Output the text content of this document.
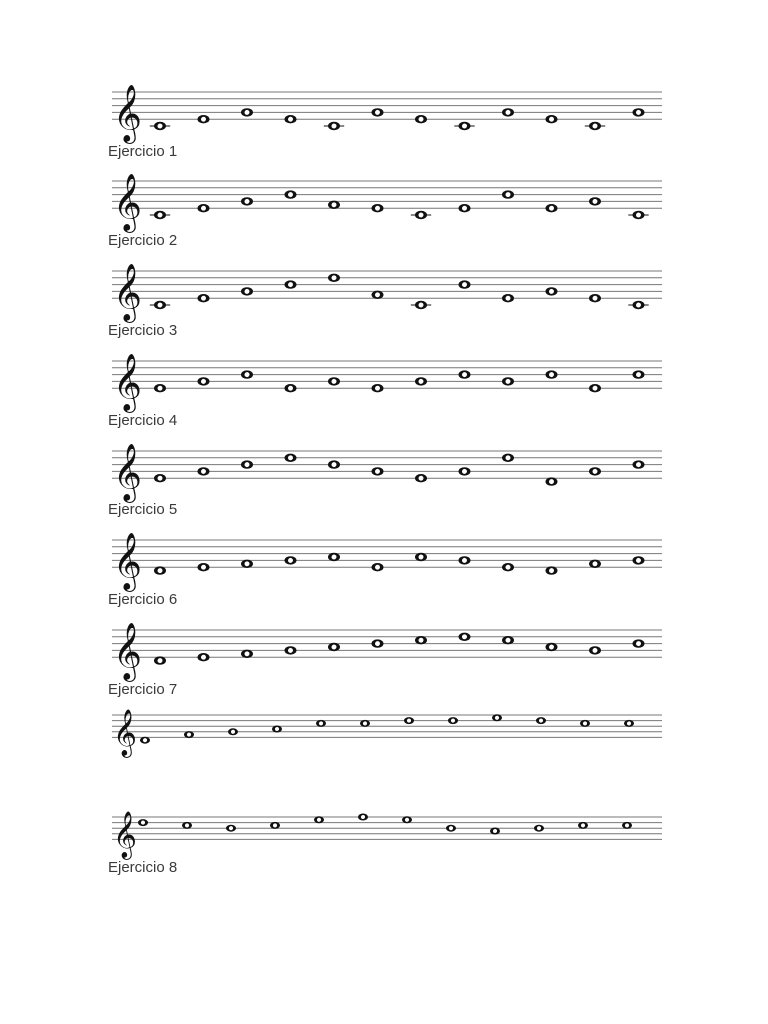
𝄞
𝄞
𝄞
𝄞
𝄞
𝄞
𝄞
𝄞
𝄞
Ejercicio 1
Ejercicio 2
Ejercicio 3
Ejercicio 4
Ejercicio 5
Ejercicio 6
Ejercicio 7
Ejercicio 8
